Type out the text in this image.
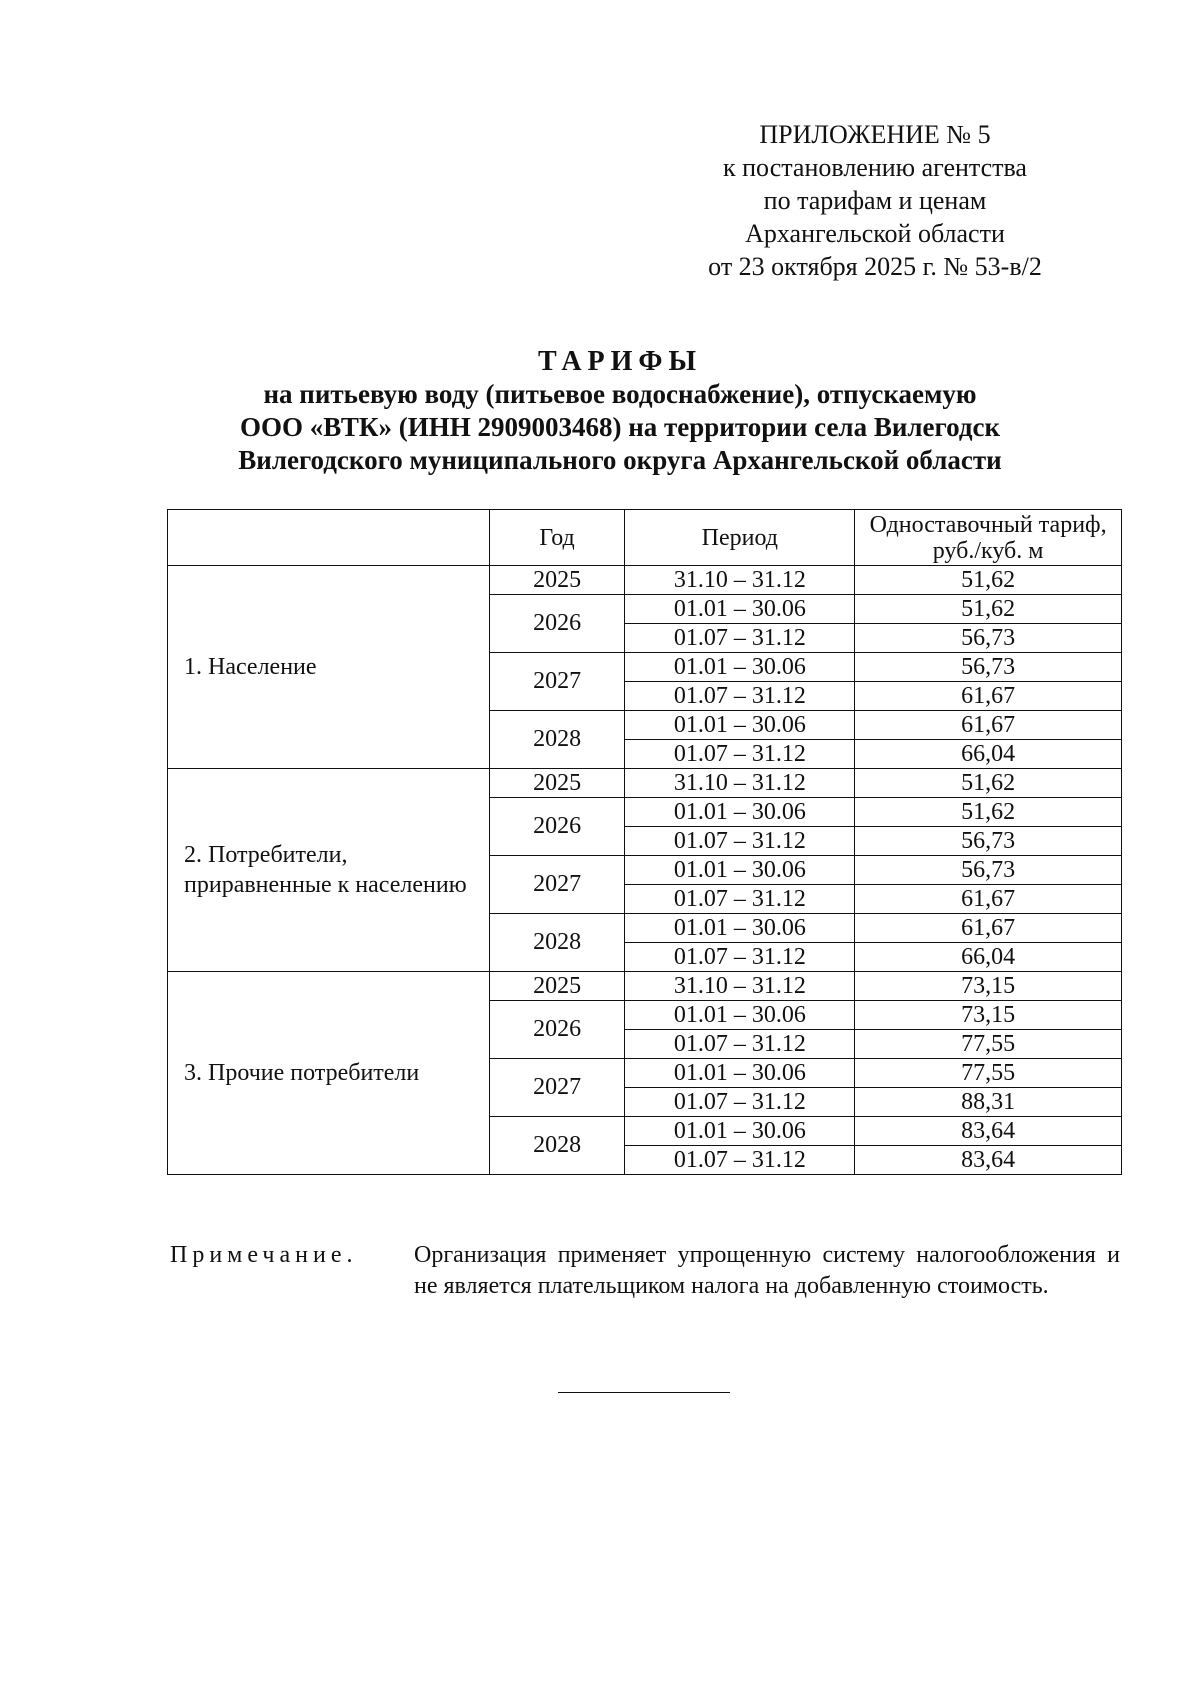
ПРИЛОЖЕНИЕ № 5
к постановлению агентства
по тарифам и ценам
Архангельской области
от 23 октября 2025 г. № 53-в/2
ТАРИФЫ
на питьевую воду (питьевое водоснабжение), отпускаемую
ООО «ВТК» (ИНН 2909003468) на территории села Вилегодск
Вилегодского муниципального округа Архангельской области
	Год	Период	Одноставочный тариф,
руб./куб. м
1. Население	2025	31.10 – 31.12	51,62
	2026	01.01 – 30.06	51,62
		01.07 – 31.12	56,73
	2027	01.01 – 30.06	56,73
		01.07 – 31.12	61,67
	2028	01.01 – 30.06	61,67
		01.07 – 31.12	66,04
2. Потребители,
приравненные к населению	2025	31.10 – 31.12	51,62
	2026	01.01 – 30.06	51,62
		01.07 – 31.12	56,73
	2027	01.01 – 30.06	56,73
		01.07 – 31.12	61,67
	2028	01.01 – 30.06	61,67
		01.07 – 31.12	66,04
3. Прочие потребители	2025	31.10 – 31.12	73,15
	2026	01.01 – 30.06	73,15
		01.07 – 31.12	77,55
	2027	01.01 – 30.06	77,55
		01.07 – 31.12	88,31
	2028	01.01 – 30.06	83,64
		01.07 – 31.12	83,64
Примечание. Организация применяет упрощенную систему налогообложения и не является плательщиком налога на добавленную стоимость.
